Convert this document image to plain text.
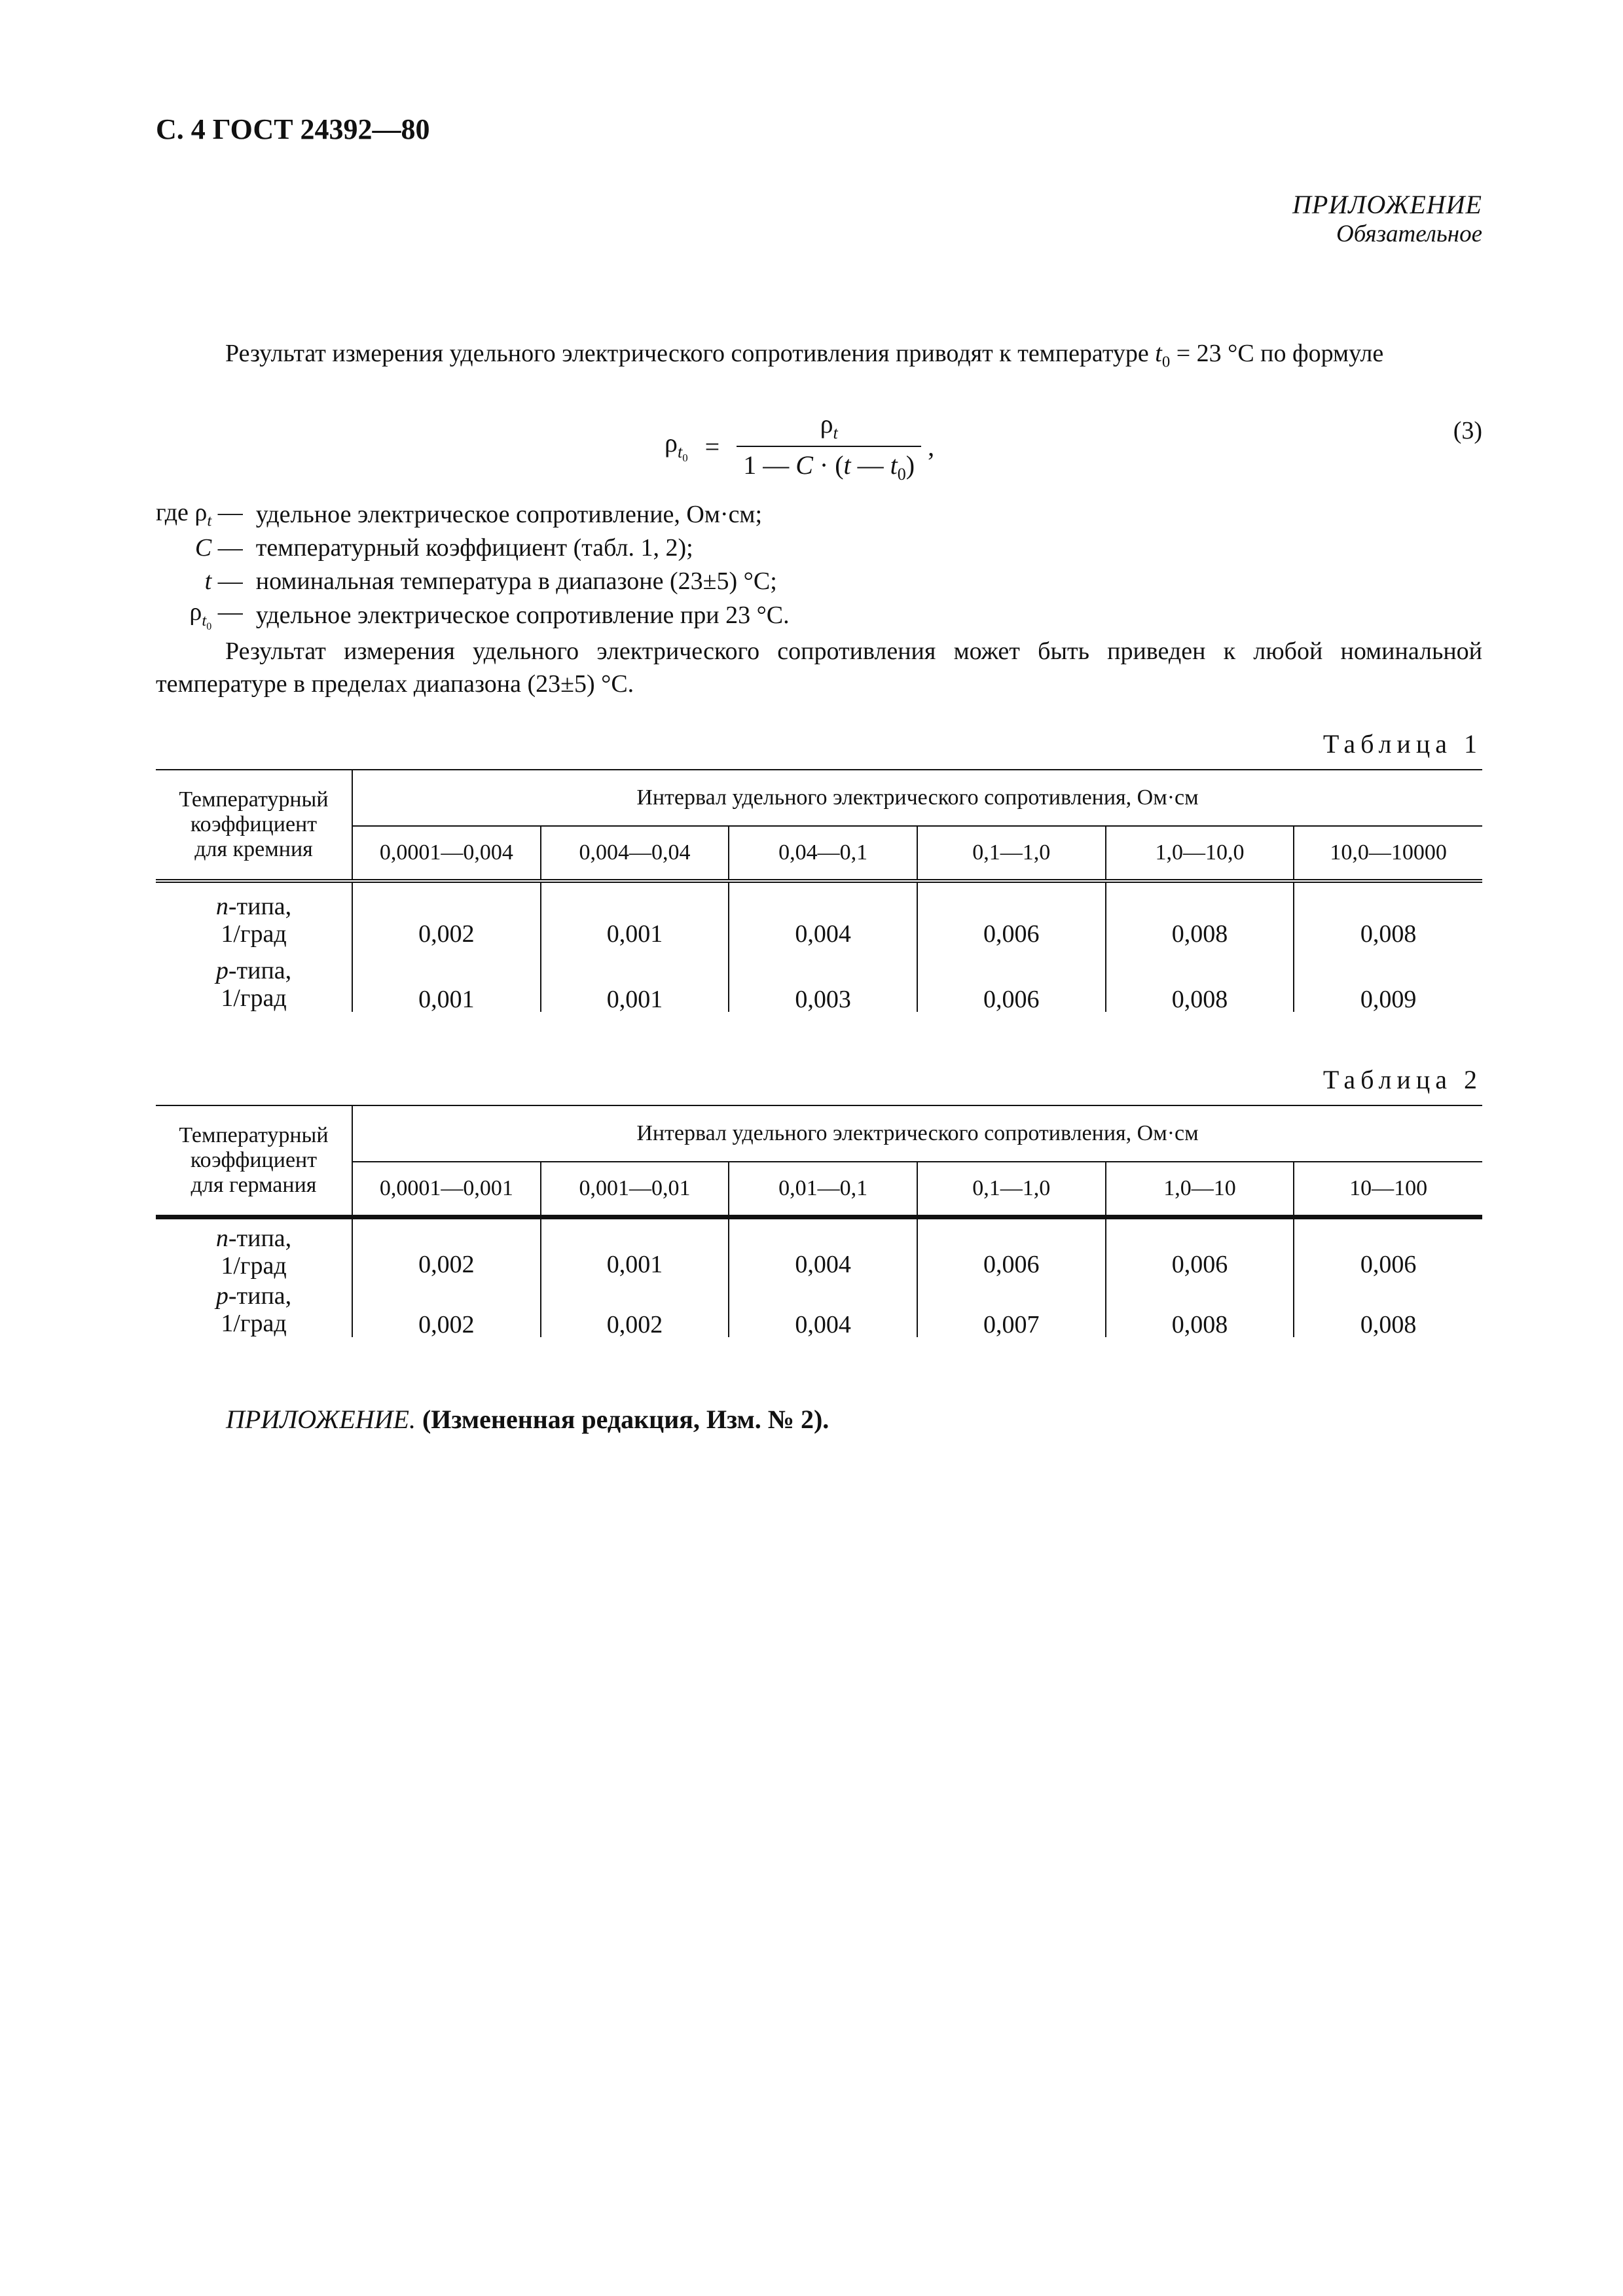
С. 4 ГОСТ 24392—80
ПРИЛОЖЕНИЕ
Обязательное
Результат измерения удельного электрического сопротивления приводят к температуре $t_0 = 23$ °С по формуле
$\rho_{t_0} = \frac{\rho_t}{1 — C \cdot (t — t_0)}$ ,
(3)
где $\rho_t$ —	удельное электрическое сопротивление, Ом·см;
C —	температурный коэффициент (табл. 1, 2);
t —	номинальная температура в диапазоне (23±5) °С;
$\rho_{t_0}$ —	удельное электрическое сопротивление при 23 °С.
Результат измерения удельного электрического сопротивления может быть приведен к любой номинальной температуре в пределах диапазона (23±5) °С.
Таблица 1
Температурный
коэффициент
для кремния	Интервал удельного электрического сопротивления, Ом·см					
	0,0001—0,004	0,004—0,04	0,04—0,1	0,1—1,0	1,0—10,0	10,0—10000

n-типа,
1/град	0,002	0,001	0,004	0,006	0,008	0,008

p-типа,
1/град	0,001	0,001	0,003	0,006	0,008	0,009
Таблица 2
Температурный
коэффициент
для германия	Интервал удельного электрического сопротивления, Ом·см					
	0,0001—0,001	0,001—0,01	0,01—0,1	0,1—1,0	1,0—10	10—100

n-типа,
1/град	0,002	0,001	0,004	0,006	0,006	0,006

p-типа,
1/град	0,002	0,002	0,004	0,007	0,008	0,008
ПРИЛОЖЕНИЕ. (Измененная редакция, Изм. № 2).
